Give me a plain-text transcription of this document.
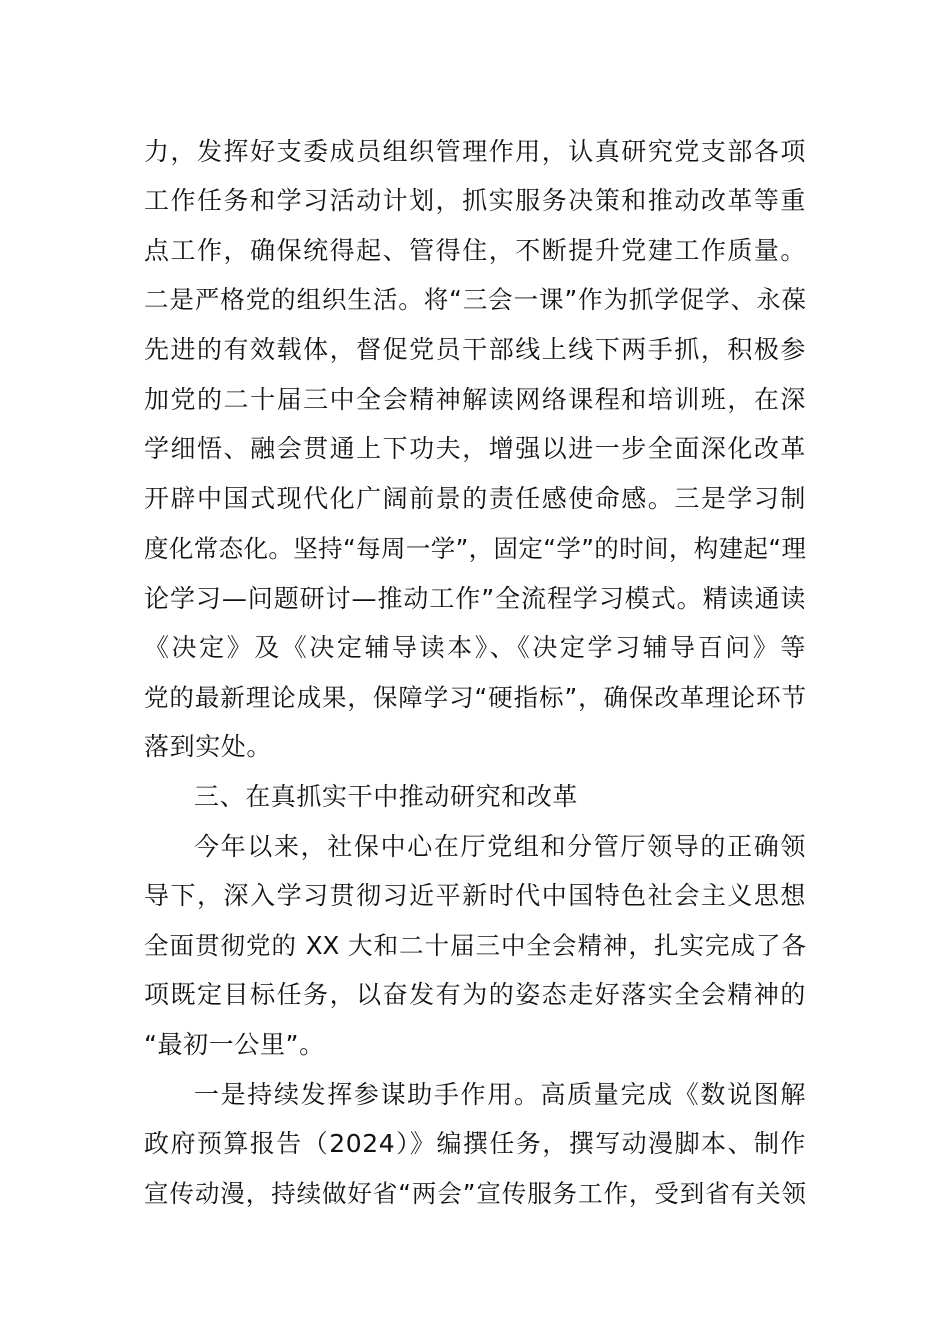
力，发挥好支委成员组织管理作用，认真研究党支部各项
工作任务和学习活动计划，抓实服务决策和推动改革等重
点工作，确保统得起、管得住，不断提升党建工作质量。
二是严格党的组织生活。将“三会一课”作为抓学促学、永葆
先进的有效载体，督促党员干部线上线下两手抓，积极参
加党的二十届三中全会精神解读网络课程和培训班，在深
学细悟、融会贯通上下功夫，增强以进一步全面深化改革
开辟中国式现代化广阔前景的责任感使命感。三是学习制
度化常态化。坚持“每周一学”，固定“学”的时间，构建起“理
论学习—问题研讨—推动工作”全流程学习模式。精读通读
《决定》及《决定辅导读本》、《决定学习辅导百问》等
党的最新理论成果，保障学习“硬指标”，确保改革理论环节
落到实处。
三、在真抓实干中推动研究和改革
今年以来，社保中心在厅党组和分管厅领导的正确领
导下，深入学习贯彻习近平新时代中国特色社会主义思想
全面贯彻党的 XX 大和二十届三中全会精神，扎实完成了各
项既定目标任务，以奋发有为的姿态走好落实全会精神的
“最初一公里”。
一是持续发挥参谋助手作用。高质量完成《数说图解
政府预算报告（2024）》编撰任务，撰写动漫脚本、制作
宣传动漫，持续做好省“两会”宣传服务工作，受到省有关领
